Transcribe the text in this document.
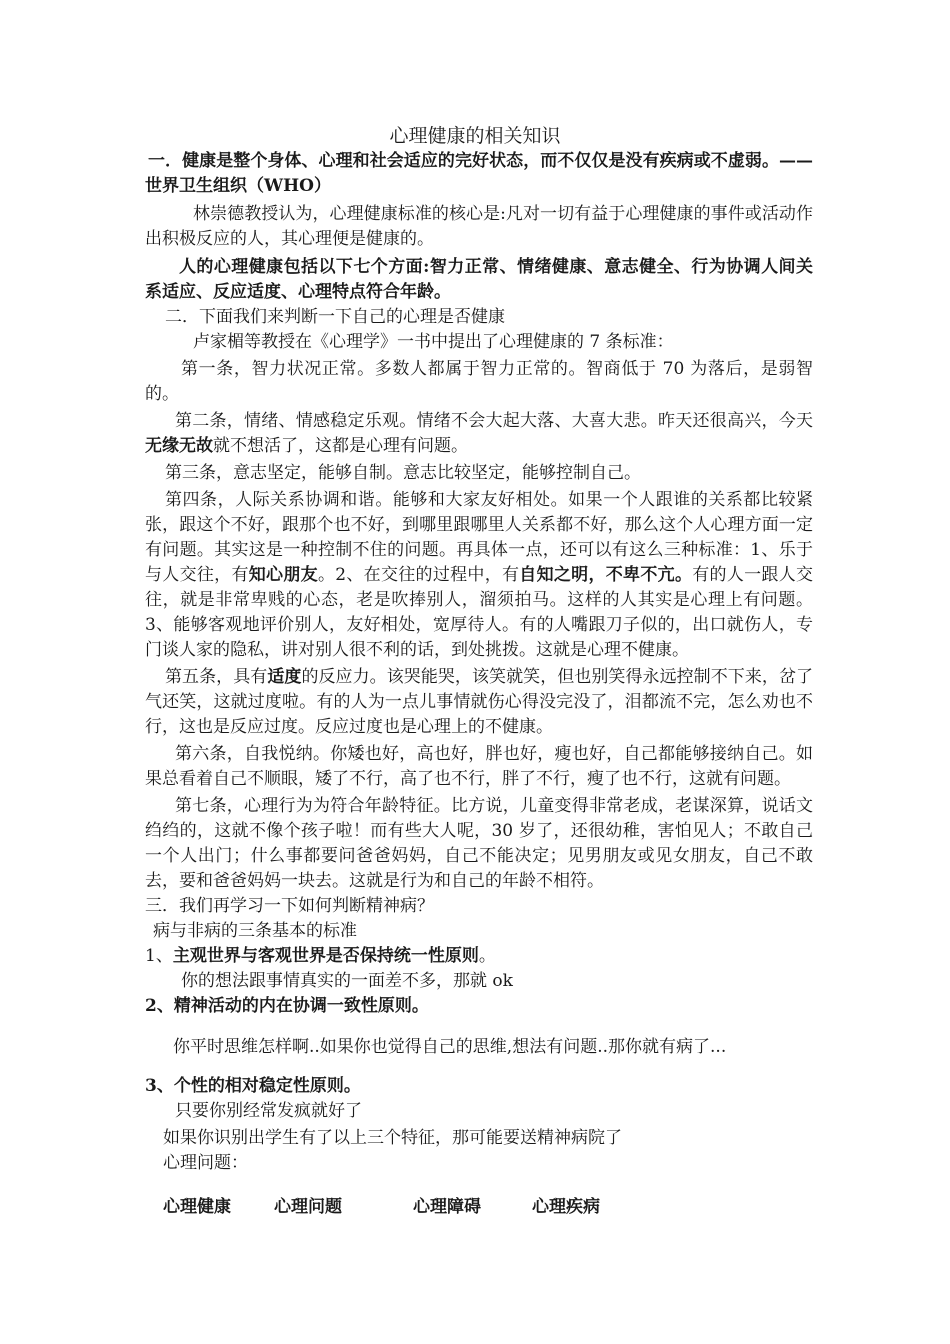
心理健康的相关知识

一．健康是整个身体、心理和社会适应的完好状态，而不仅仅是没有疾病或不虚弱。——世界卫生组织（WHO）

林崇德教授认为，心理健康标准的核心是:凡对一切有益于心理健康的事件或活动作出积极反应的人，其心理便是健康的。

人的心理健康包括以下七个方面:智力正常、情绪健康、意志健全、行为协调人间关系适应、反应适度、心理特点符合年龄。

二．下面我们来判断一下自己的心理是否健康

卢家楣等教授在《心理学》一书中提出了心理健康的 7 条标准：

第一条，智力状况正常。多数人都属于智力正常的。智商低于 70 为落后，是弱智的。

第二条，情绪、情感稳定乐观。情绪不会大起大落、大喜大悲。昨天还很高兴，今天无缘无故就不想活了，这都是心理有问题。

第三条，意志坚定，能够自制。意志比较坚定，能够控制自己。

第四条，人际关系协调和谐。能够和大家友好相处。如果一个人跟谁的关系都比较紧张，跟这个不好，跟那个也不好，到哪里跟哪里人关系都不好，那么这个人心理方面一定有问题。其实这是一种控制不住的问题。再具体一点，还可以有这么三种标准：1、乐于与人交往，有知心朋友。2、在交往的过程中，有自知之明，不卑不亢。有的人一跟人交往，就是非常卑贱的心态，老是吹捧别人，溜须拍马。这样的人其实是心理上有问题。3、能够客观地评价别人，友好相处，宽厚待人。有的人嘴跟刀子似的，出口就伤人，专门谈人家的隐私，讲对别人很不利的话，到处挑拨。这就是心理不健康。

第五条，具有适度的反应力。该哭能哭，该笑就笑，但也别笑得永远控制不下来，岔了气还笑，这就过度啦。有的人为一点儿事情就伤心得没完没了，泪都流不完，怎么劝也不行，这也是反应过度。反应过度也是心理上的不健康。

第六条，自我悦纳。你矮也好，高也好，胖也好，瘦也好，自己都能够接纳自己。如果总看着自己不顺眼，矮了不行，高了也不行，胖了不行，瘦了也不行，这就有问题。

第七条，心理行为为符合年龄特征。比方说，儿童变得非常老成，老谋深算，说话文绉绉的，这就不像个孩子啦！而有些大人呢，30 岁了，还很幼稚，害怕见人；不敢自己一个人出门；什么事都要问爸爸妈妈，自己不能决定；见男朋友或见女朋友，自己不敢去，要和爸爸妈妈一块去。这就是行为和自己的年龄不相符。

三．我们再学习一下如何判断精神病？

病与非病的三条基本的标准

1、主观世界与客观世界是否保持统一性原则。

你的想法跟事情真实的一面差不多，那就 ok

2、精神活动的内在协调一致性原则。

你平时思维怎样啊..如果你也觉得自己的思维,想法有问题..那你就有病了...

3、个性的相对稳定性原则。

只要你别经常发疯就好了

如果你识别出学生有了以上三个特征，那可能要送精神病院了

心理问题：

心理健康	心理问题	心理障碍	心理疾病
